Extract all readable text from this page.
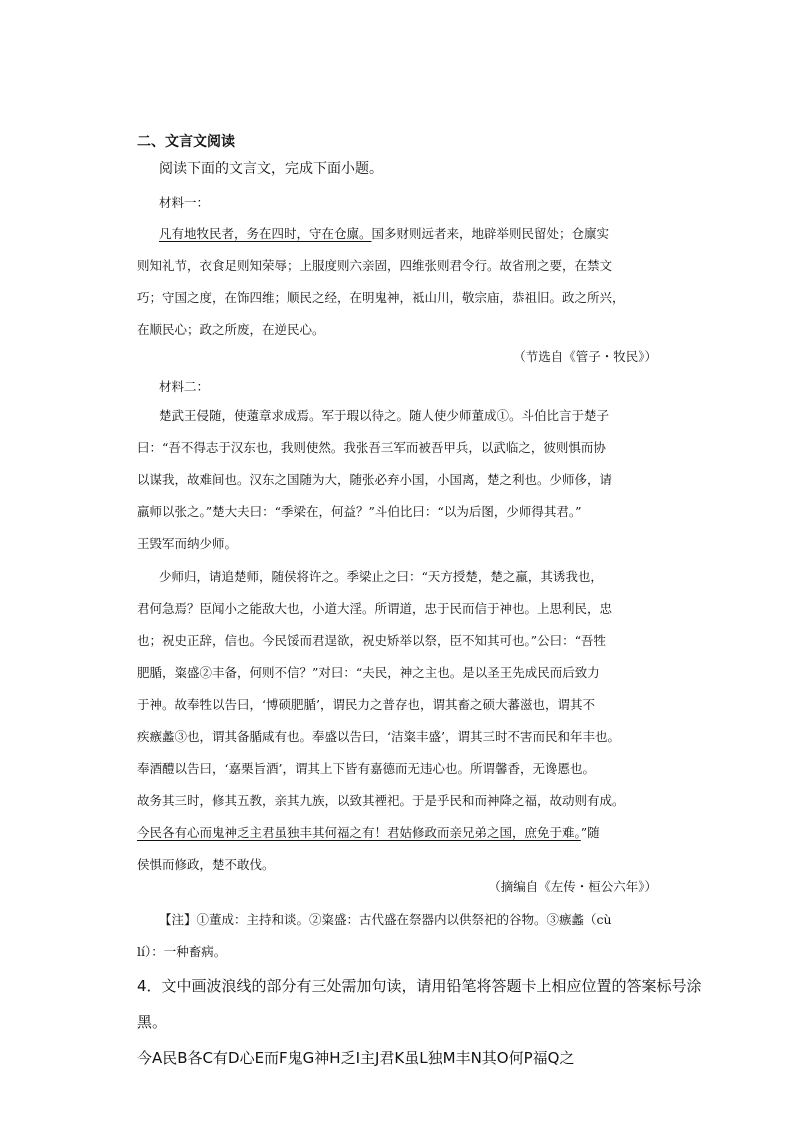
二、文言文阅读
阅读下面的文言文，完成下面小题。
材料一：
凡有地牧民者，务在四时，守在仓廪。国多财则远者来，地辟举则民留处；仓廪实
则知礼节，衣食足则知荣辱；上服度则六亲固，四维张则君令行。故省刑之要，在禁文
巧；守国之度，在饰四维；顺民之经，在明鬼神，祗山川，敬宗庙，恭祖旧。政之所兴，
在顺民心；政之所废，在逆民心。
（节选自《管子・牧民》）
材料二：
楚武王侵随，使薳章求成焉。军于瑕以待之。随人使少师董成①。斗伯比言于楚子
曰：“吾不得志于汉东也，我则使然。我张吾三军而被吾甲兵，以武临之，彼则惧而协
以谋我，故难间也。汉东之国随为大，随张必弃小国，小国离，楚之利也。少师侈，请
羸师以张之。”楚大夫曰：“季梁在，何益？”斗伯比曰：“以为后图，少师得其君。”
王毁军而纳少师。
少师归，请追楚师，随侯将许之。季梁止之曰：“天方授楚，楚之羸，其诱我也，
君何急焉？臣闻小之能敌大也，小道大淫。所谓道，忠于民而信于神也。上思利民，忠
也；祝史正辞，信也。今民馁而君逞欲，祝史矫举以祭，臣不知其可也。”公曰：“吾牲
肥腯，粢盛②丰备，何则不信？”对曰：“夫民，神之主也。是以圣王先成民而后致力
于神。故奉牲以告曰，‘博硕肥腯’，谓民力之普存也，谓其畜之硕大蕃滋也，谓其不
疾瘯蠡③也，谓其备腯咸有也。奉盛以告曰，‘洁粢丰盛’，谓其三时不害而民和年丰也。
奉酒醴以告曰，‘嘉栗旨酒’，谓其上下皆有嘉德而无违心也。所谓馨香，无谗慝也。
故务其三时，修其五教，亲其九族，以致其禋祀。于是乎民和而神降之福，故动则有成。
今民各有心而鬼神乏主君虽独丰其何福之有！君姑修政而亲兄弟之国，庶免于难。”随
侯惧而修政，楚不敢伐。
（摘编自《左传・桓公六年》）
【注】①董成：主持和谈。②粢盛：古代盛在祭器内以供祭祀的谷物。③瘯蠡（cù
lí）：一种畜病。
4．文中画波浪线的部分有三处需加句读，请用铅笔将答题卡上相应位置的答案标号涂
黑。
今A民B各C有D心E而F鬼G神H乏I主J君K虽L独M丰N其O何P福Q之
